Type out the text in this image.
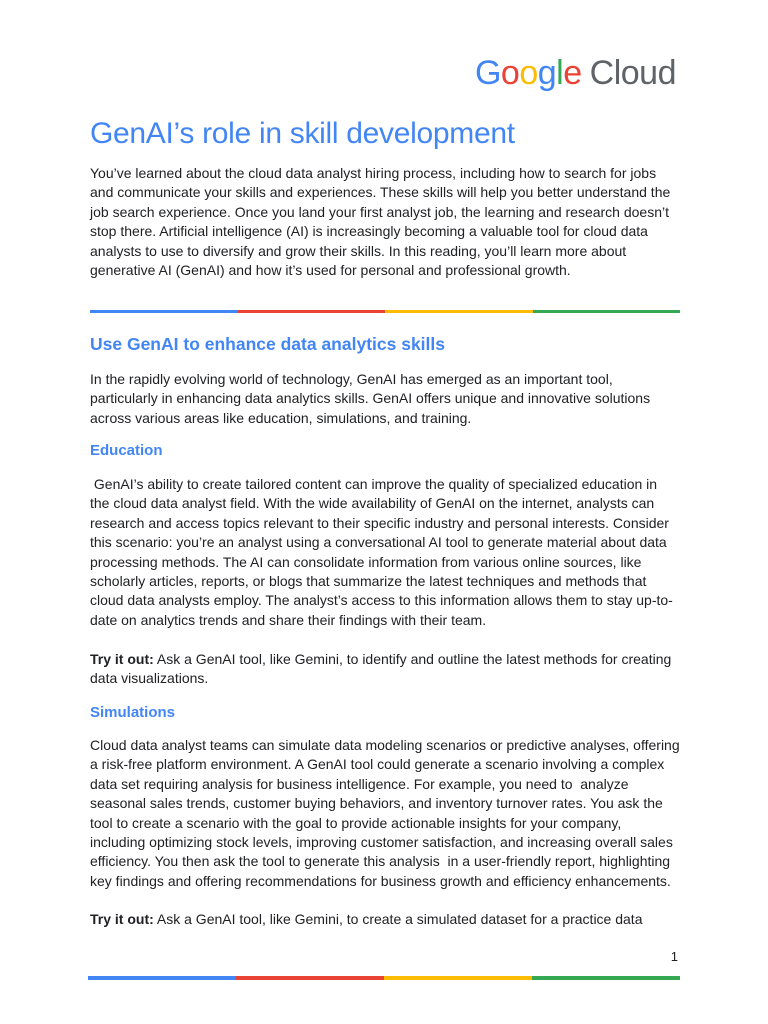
G o o g l e Cloud
GenAI’s role in skill development

You’ve learned about the cloud data analyst hiring process, including how to search for jobs and communicate your skills and experiences. These skills will help you better understand the job search experience. Once you land your first analyst job, the learning and research doesn’t stop there. Artificial intelligence (AI) is increasingly becoming a valuable tool for cloud data analysts to use to diversify and grow their skills. In this reading, you’ll learn more about generative AI (GenAI) and how it’s used for personal and professional growth.

Use GenAI to enhance data analytics skills

In the rapidly evolving world of technology, GenAI has emerged as an important tool, particularly in enhancing data analytics skills. GenAI offers unique and innovative solutions across various areas like education, simulations, and training.

Education

GenAI’s ability to create tailored content can improve the quality of specialized education in the cloud data analyst field. With the wide availability of GenAI on the internet, analysts can research and access topics relevant to their specific industry and personal interests. Consider this scenario: you’re an analyst using a conversational AI tool to generate material about data processing methods. The AI can consolidate information from various online sources, like scholarly articles, reports, or blogs that summarize the latest techniques and methods that cloud data analysts employ. The analyst’s access to this information allows them to stay up-to-date on analytics trends and share their findings with their team.

Try it out: Ask a GenAI tool, like Gemini, to identify and outline the latest methods for creating data visualizations.

Simulations

Cloud data analyst teams can simulate data modeling scenarios or predictive analyses, offering a risk-free platform environment. A GenAI tool could generate a scenario involving a complex data set requiring analysis for business intelligence. For example, you need to  analyze seasonal sales trends, customer buying behaviors, and inventory turnover rates. You ask the tool to create a scenario with the goal to provide actionable insights for your company, including optimizing stock levels, improving customer satisfaction, and increasing overall sales efficiency. You then ask the tool to generate this analysis  in a user-friendly report, highlighting key findings and offering recommendations for business growth and efficiency enhancements.

Try it out: Ask a GenAI tool, like Gemini, to create a simulated dataset for a practice data

1
